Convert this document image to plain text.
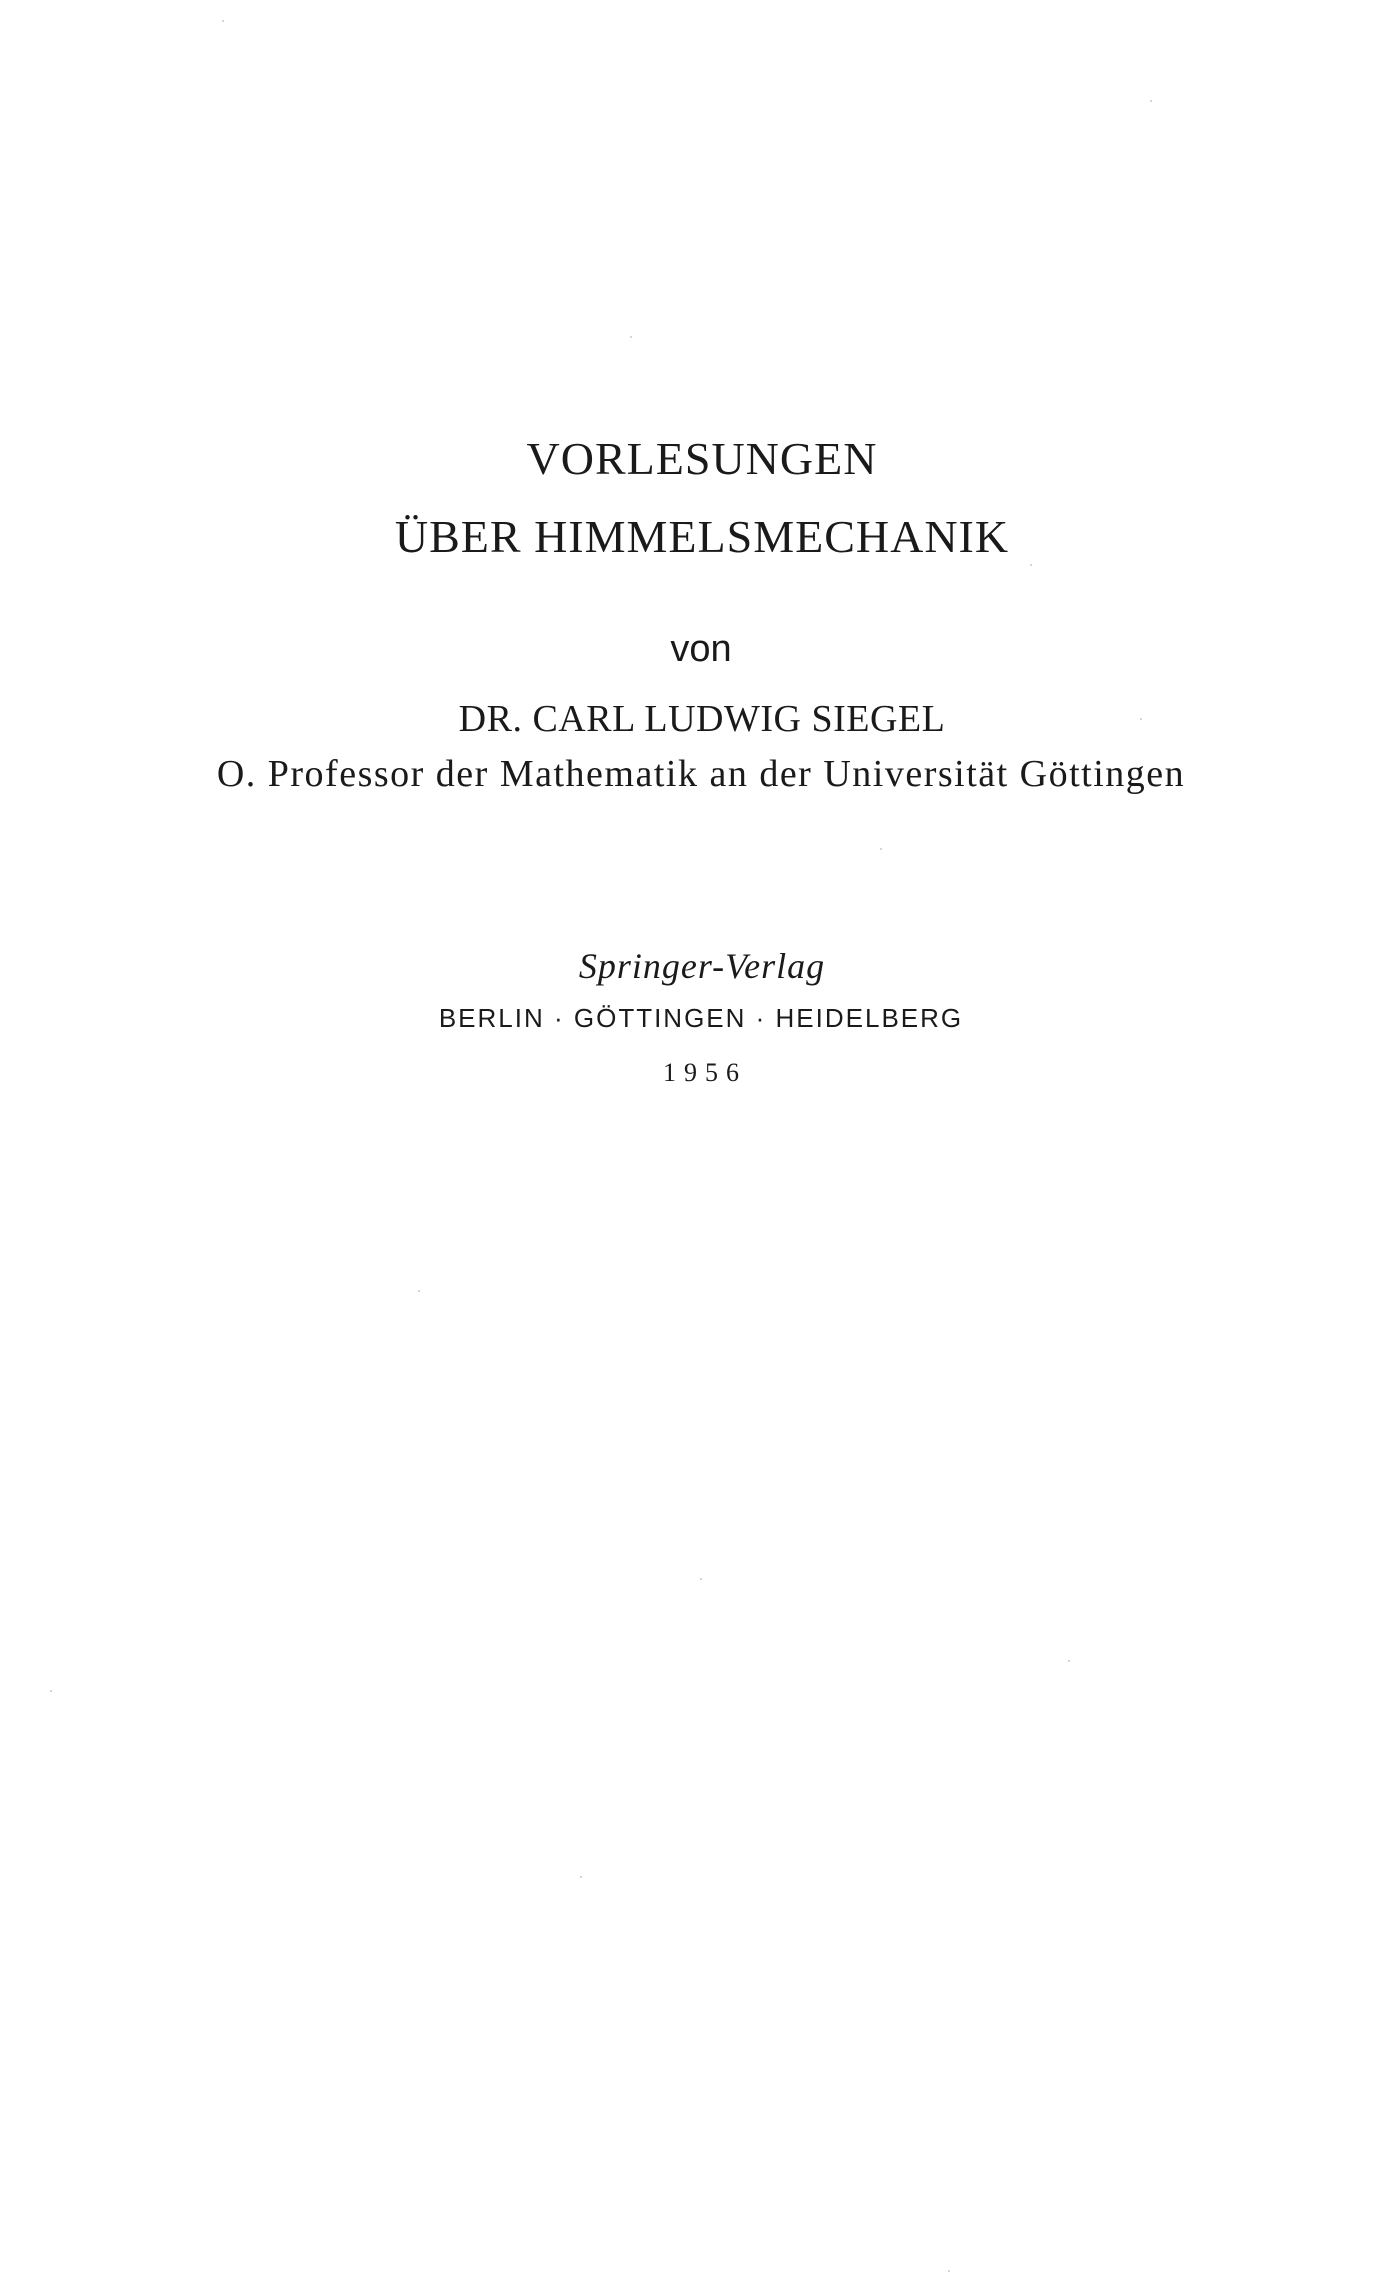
VORLESUNGEN
ÜBER HIMMELSMECHANIK
von
DR. CARL LUDWIG SIEGEL
O. Professor der Mathematik an der Universität Göttingen
Springer-Verlag
BERLIN · GÖTTINGEN · HEIDELBERG
1956
